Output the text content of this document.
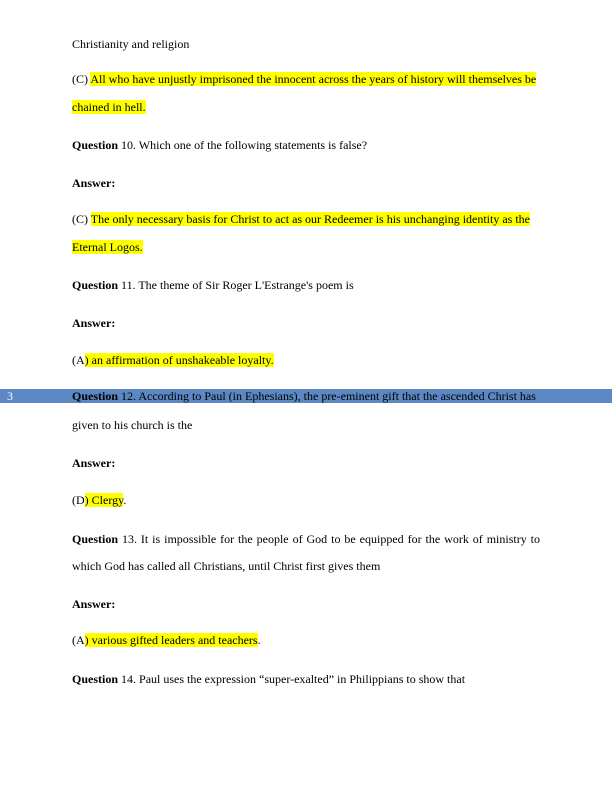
Christianity and religion
(C) All who have unjustly imprisoned the innocent across the years of history will themselves be
chained in hell.
Question 10. Which one of the following statements is false?
Answer:
(C) The only necessary basis for Christ to act as our Redeemer is his unchanging identity as the
Eternal Logos.
Question 11. The theme of Sir Roger L'Estrange's poem is
Answer:
(A) an affirmation of unshakeable loyalty.
3	Question 12. According to Paul (in Ephesians), the pre-eminent gift that the ascended Christ has
given to his church is the
Answer:
(D) Clergy.
Question 13. It is impossible for the people of God to be equipped for the work of ministry to
which God has called all Christians, until Christ first gives them
Answer:
(A) various gifted leaders and teachers.
Question 14. Paul uses the expression “super-exalted” in Philippians to show that
